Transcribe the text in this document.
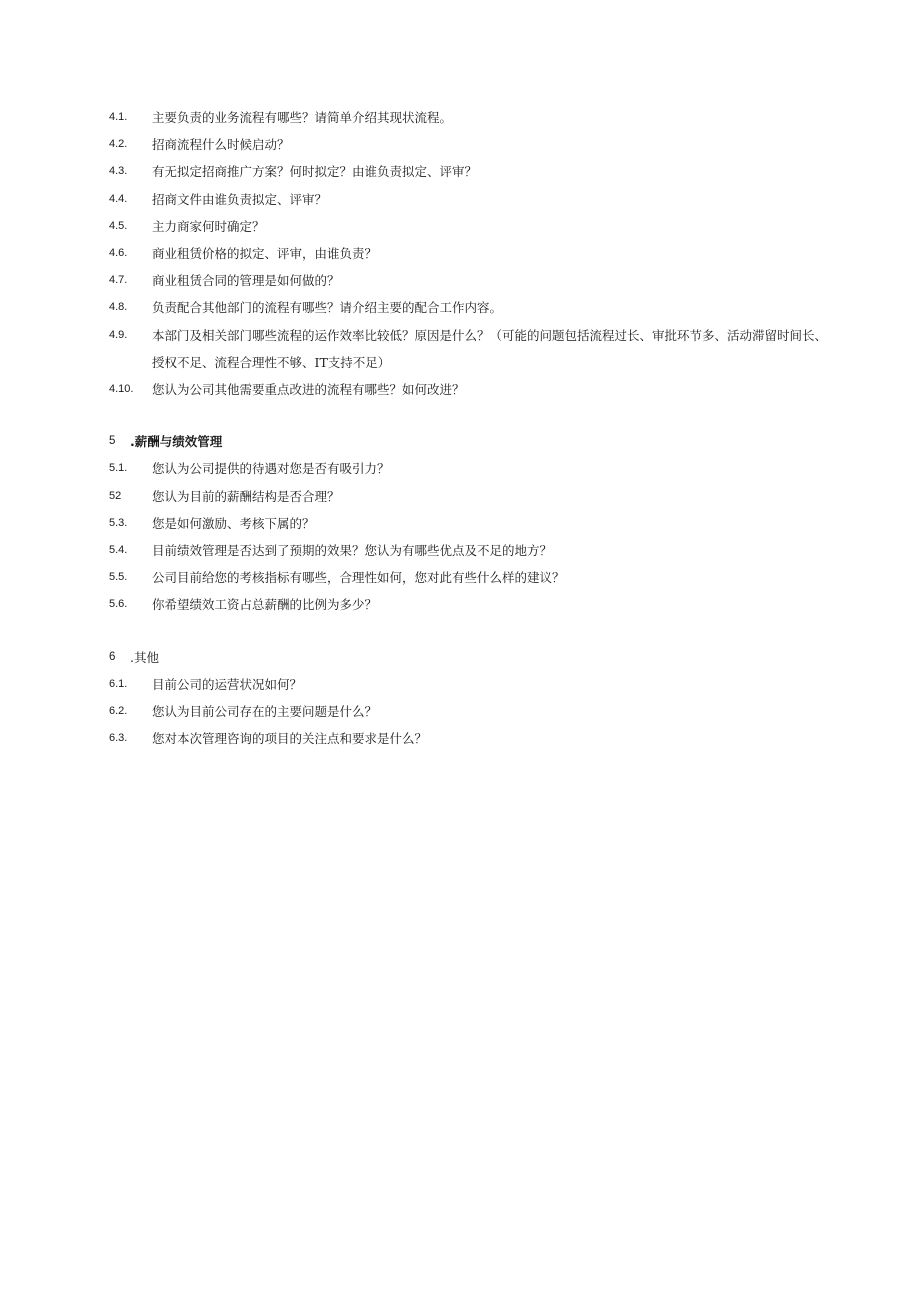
4.1. 主要负责的业务流程有哪些？请简单介绍其现状流程。
4.2. 招商流程什么时候启动？
4.3. 有无拟定招商推广方案？何时拟定？由谁负责拟定、评审？
4.4. 招商文件由谁负责拟定、评审？
4.5. 主力商家何时确定？
4.6. 商业租赁价格的拟定、评审，由谁负责？
4.7. 商业租赁合同的管理是如何做的？
4.8. 负责配合其他部门的流程有哪些？请介绍主要的配合工作内容。
4.9. 本部门及相关部门哪些流程的运作效率比较低？原因是什么？（可能的问题包括流程过长、审批环节多、活动滞留时间长、授权不足、流程合理性不够、IT支持不足）
4.10. 您认为公司其他需要重点改进的流程有哪些？如何改进？
5 .薪酬与绩效管理
5.1. 您认为公司提供的待遇对您是否有吸引力？
52 您认为目前的薪酬结构是否合理？
5.3. 您是如何激励、考核下属的？
5.4. 目前绩效管理是否达到了预期的效果？您认为有哪些优点及不足的地方？
5.5. 公司目前给您的考核指标有哪些，合理性如何，您对此有些什么样的建议？
5.6. 你希望绩效工资占总薪酬的比例为多少？
6 .其他
6.1. 目前公司的运营状况如何？
6.2. 您认为目前公司存在的主要问题是什么？
6.3. 您对本次管理咨询的项目的关注点和要求是什么？
